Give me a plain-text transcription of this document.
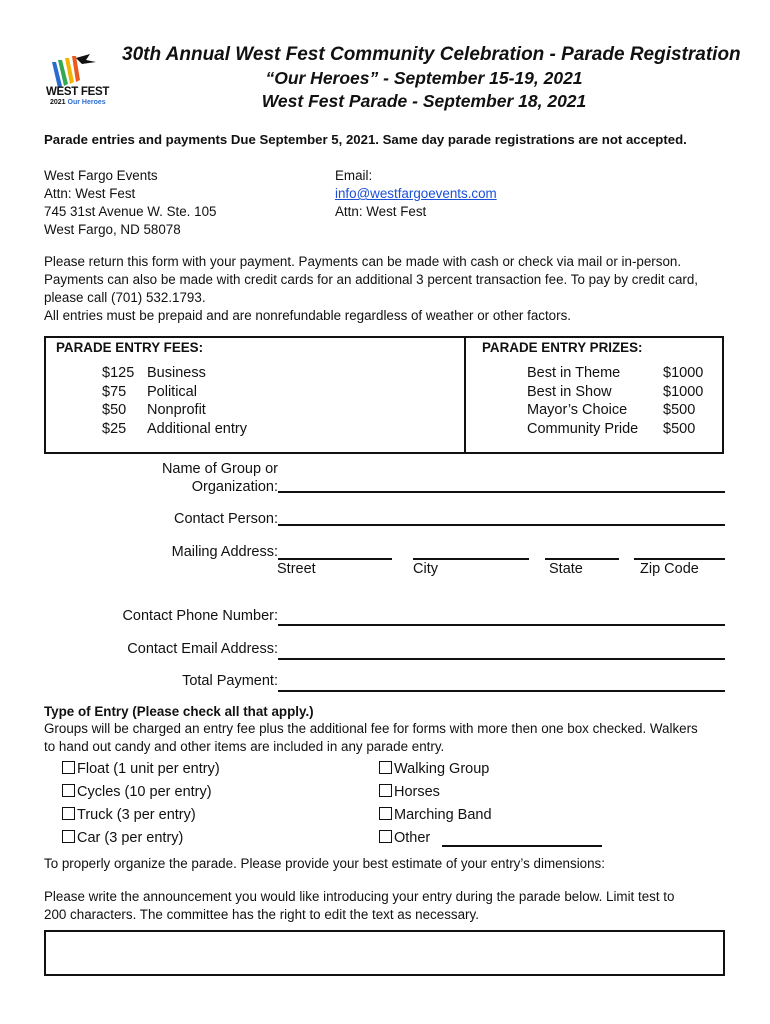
WEST FEST
2021 Our Heroes
30th Annual West Fest Community Celebration - Parade Registration
“Our Heroes” - September 15-19, 2021
West Fest Parade - September 18, 2021
Parade entries and payments Due September 5, 2021. Same day parade registrations are not accepted.
West Fargo Events
Attn: West Fest
745 31st Avenue W. Ste. 105
West Fargo, ND 58078
Email:
info@westfargoevents.com
Attn: West Fest
Please return this form with your payment. Payments can be made with cash or check via mail or in-person.
Payments can also be made with credit cards for an additional 3 percent transaction fee. To pay by credit card,
please call (701) 532.1793.
All entries must be prepaid and are nonrefundable regardless of weather or other factors.
PARADE ENTRY FEES:	PARADE ENTRY PRIZES:
$125 Business
$75 Political
$50 Nonprofit
$25 Additional entry
Best in Theme	$1000
Best in Show	$1000
Mayor’s Choice $500
Community Pride $500
Name of Group or
Organization:
Contact Person:
Mailing Address:
Street	City	State	Zip Code
Contact Phone Number:
Contact Email Address:
Total Payment:
Type of Entry (Please check all that apply.)
Groups will be charged an entry fee plus the additional fee for forms with more then one box checked. Walkers
to hand out candy and other items are included in any parade entry.
Float (1 unit per entry)
Cycles (10 per entry)
Truck (3 per entry)
Car (3 per entry)
Walking Group
Horses
Marching Band
Other
To properly organize the parade. Please provide your best estimate of your entry’s dimensions:
Please write the announcement you would like introducing your entry during the parade below. Limit test to
200 characters. The committee has the right to edit the text as necessary.
